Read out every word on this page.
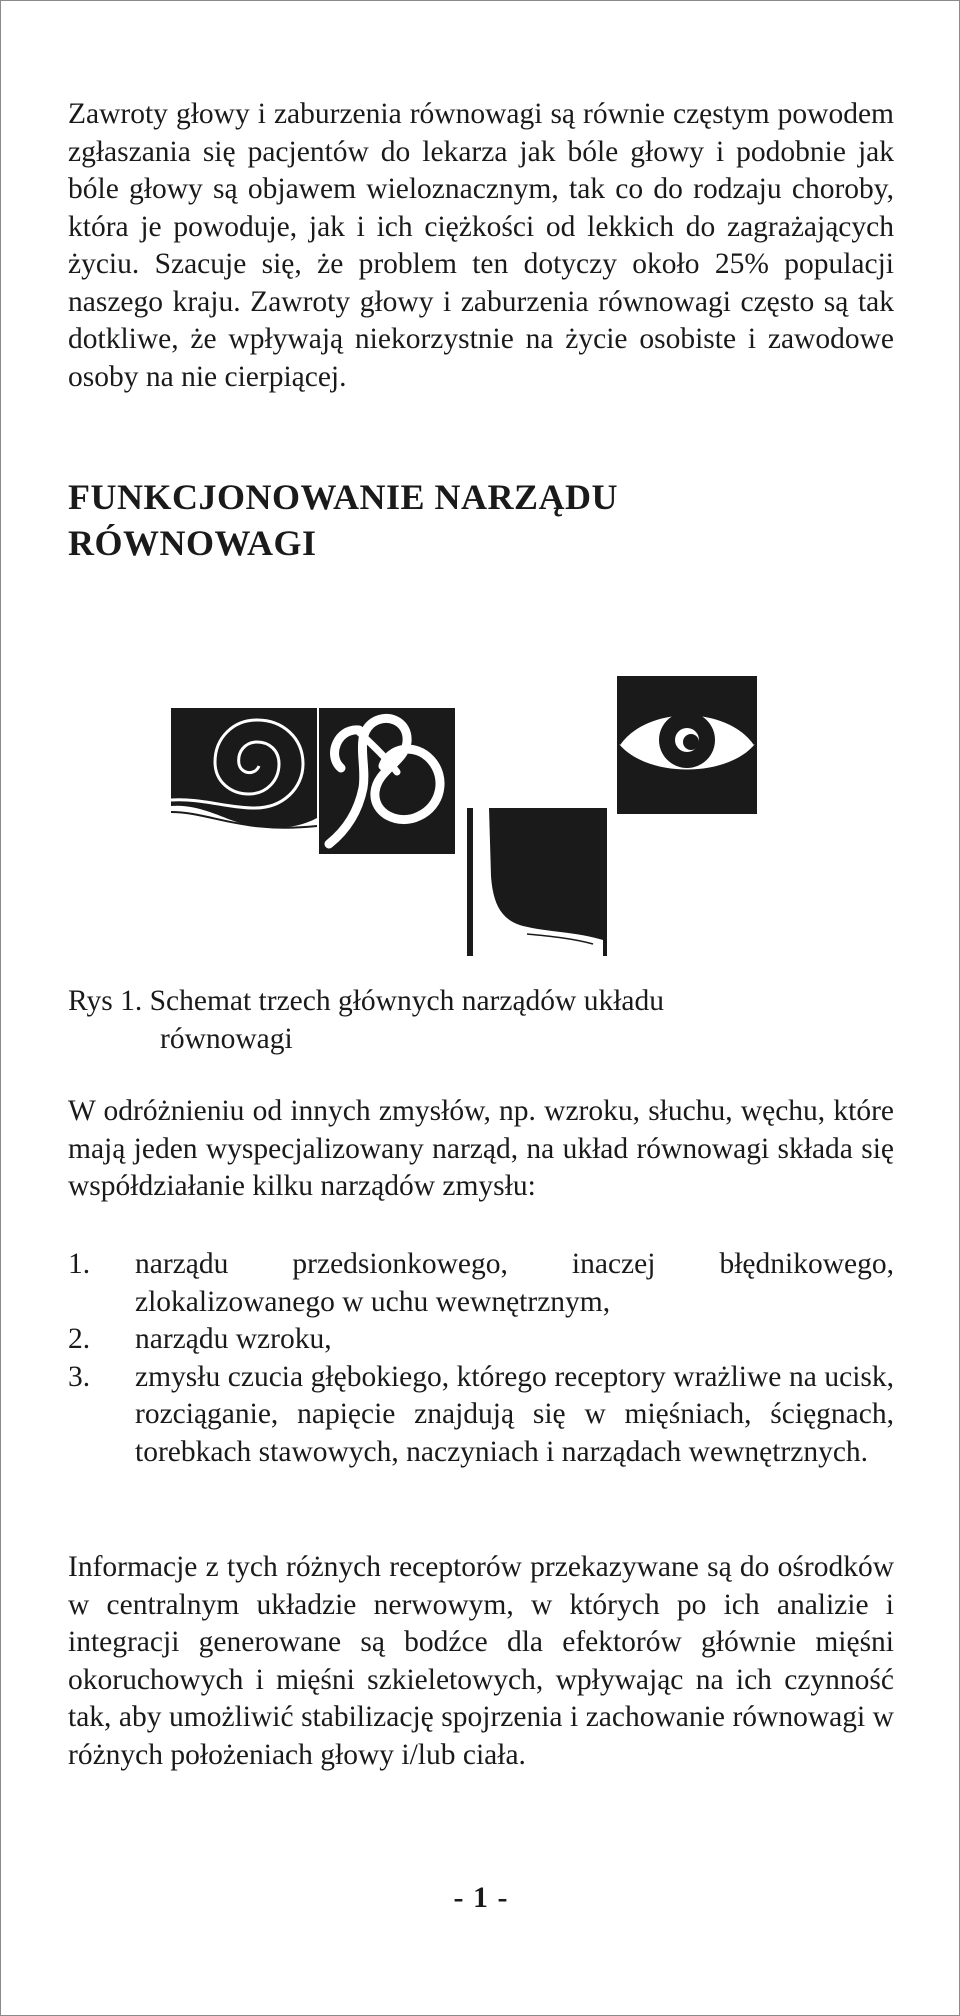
Zawroty głowy i zaburzenia równowagi są równie częstym powodem zgłaszania się pacjentów do lekarza jak bóle głowy i podobnie jak bóle głowy są objawem wieloznacznym, tak co do rodzaju choroby, która je powoduje, jak i ich ciężkości od lekkich do zagrażających życiu. Szacuje się, że problem ten dotyczy około 25% populacji naszego kraju. Zawroty głowy i zaburzenia równowagi często są tak dotkliwe, że wpływają niekorzystnie na życie osobiste i zawodowe osoby na nie cierpiącej.

FUNKCJONOWANIE NARZĄDU
RÓWNOWAGI

Rys 1. Schemat trzech głównych narządów układu
równowagi

W odróżnieniu od innych zmysłów, np. wzroku, słuchu, węchu, które mają jeden wyspecjalizowany narząd, na układ równowagi składa się współdziałanie kilku narządów zmysłu:

1. narządu przedsionkowego, inaczej błędnikowego, zlokalizowanego w uchu wewnętrznym,
2. narządu wzroku,
3. zmysłu czucia głębokiego, którego receptory wrażliwe na ucisk, rozciąganie, napięcie znajdują się w mięśniach, ścięgnach, torebkach stawowych, naczyniach i narządach wewnętrznych.

Informacje z tych różnych receptorów przekazywane są do ośrodków w centralnym układzie nerwowym, w których po ich analizie i integracji generowane są bodźce dla efektorów głównie mięśni okoruchowych i mięśni szkieletowych, wpływając na ich czynność tak, aby umożliwić stabilizację spojrzenia i zachowanie równowagi w różnych położeniach głowy i/lub ciała.

- 1 -
